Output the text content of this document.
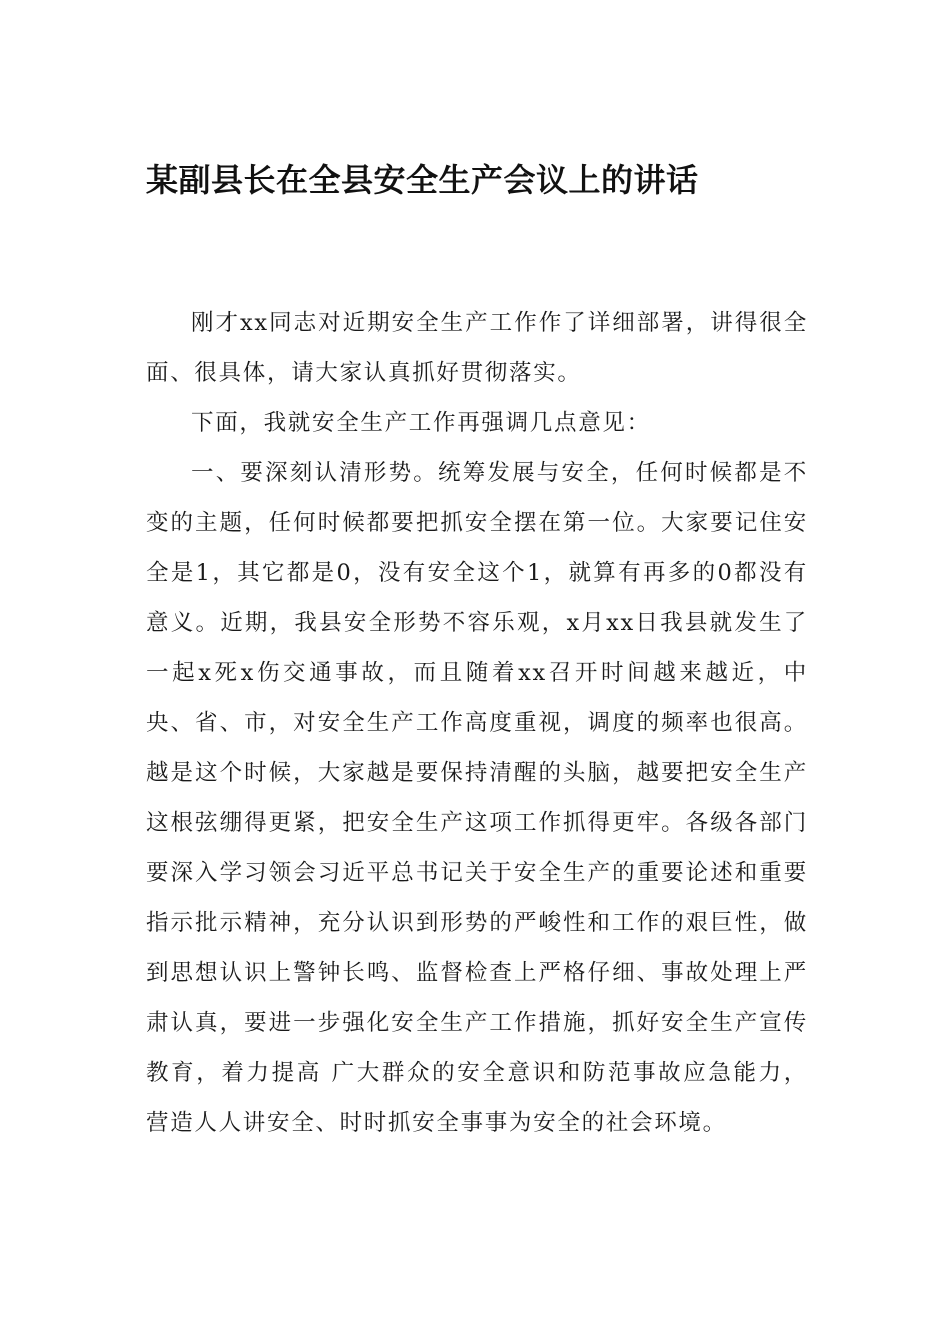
某副县长在全县安全生产会议上的讲话

刚才xx同志对近期安全生产工作作了详细部署，讲得很全面、很具体，请大家认真抓好贯彻落实。

下面，我就安全生产工作再强调几点意见：

一、要深刻认清形势。统筹发展与安全，任何时候都是不变的主题，任何时候都要把抓安全摆在第一位。大家要记住安全是1，其它都是0，没有安全这个1，就算有再多的0都没有意义。近期，我县安全形势不容乐观，x月xx日我县就发生了一起x死x伤交通事故，而且随着xx召开时间越来越近，中央、省、市，对安全生产工作高度重视，调度的频率也很高。越是这个时候，大家越是要保持清醒的头脑，越要把安全生产这根弦绷得更紧，把安全生产这项工作抓得更牢。各级各部门要深入学习领会习近平总书记关于安全生产的重要论述和重要指示批示精神，充分认识到形势的严峻性和工作的艰巨性，做到思想认识上警钟长鸣、监督检查上严格仔细、事故处理上严肃认真，要进一步强化安全生产工作措施，抓好安全生产宣传教育，着力提高 广大群众的安全意识和防范事故应急能力，营造人人讲安全、时时抓安全事事为安全的社会环境。
